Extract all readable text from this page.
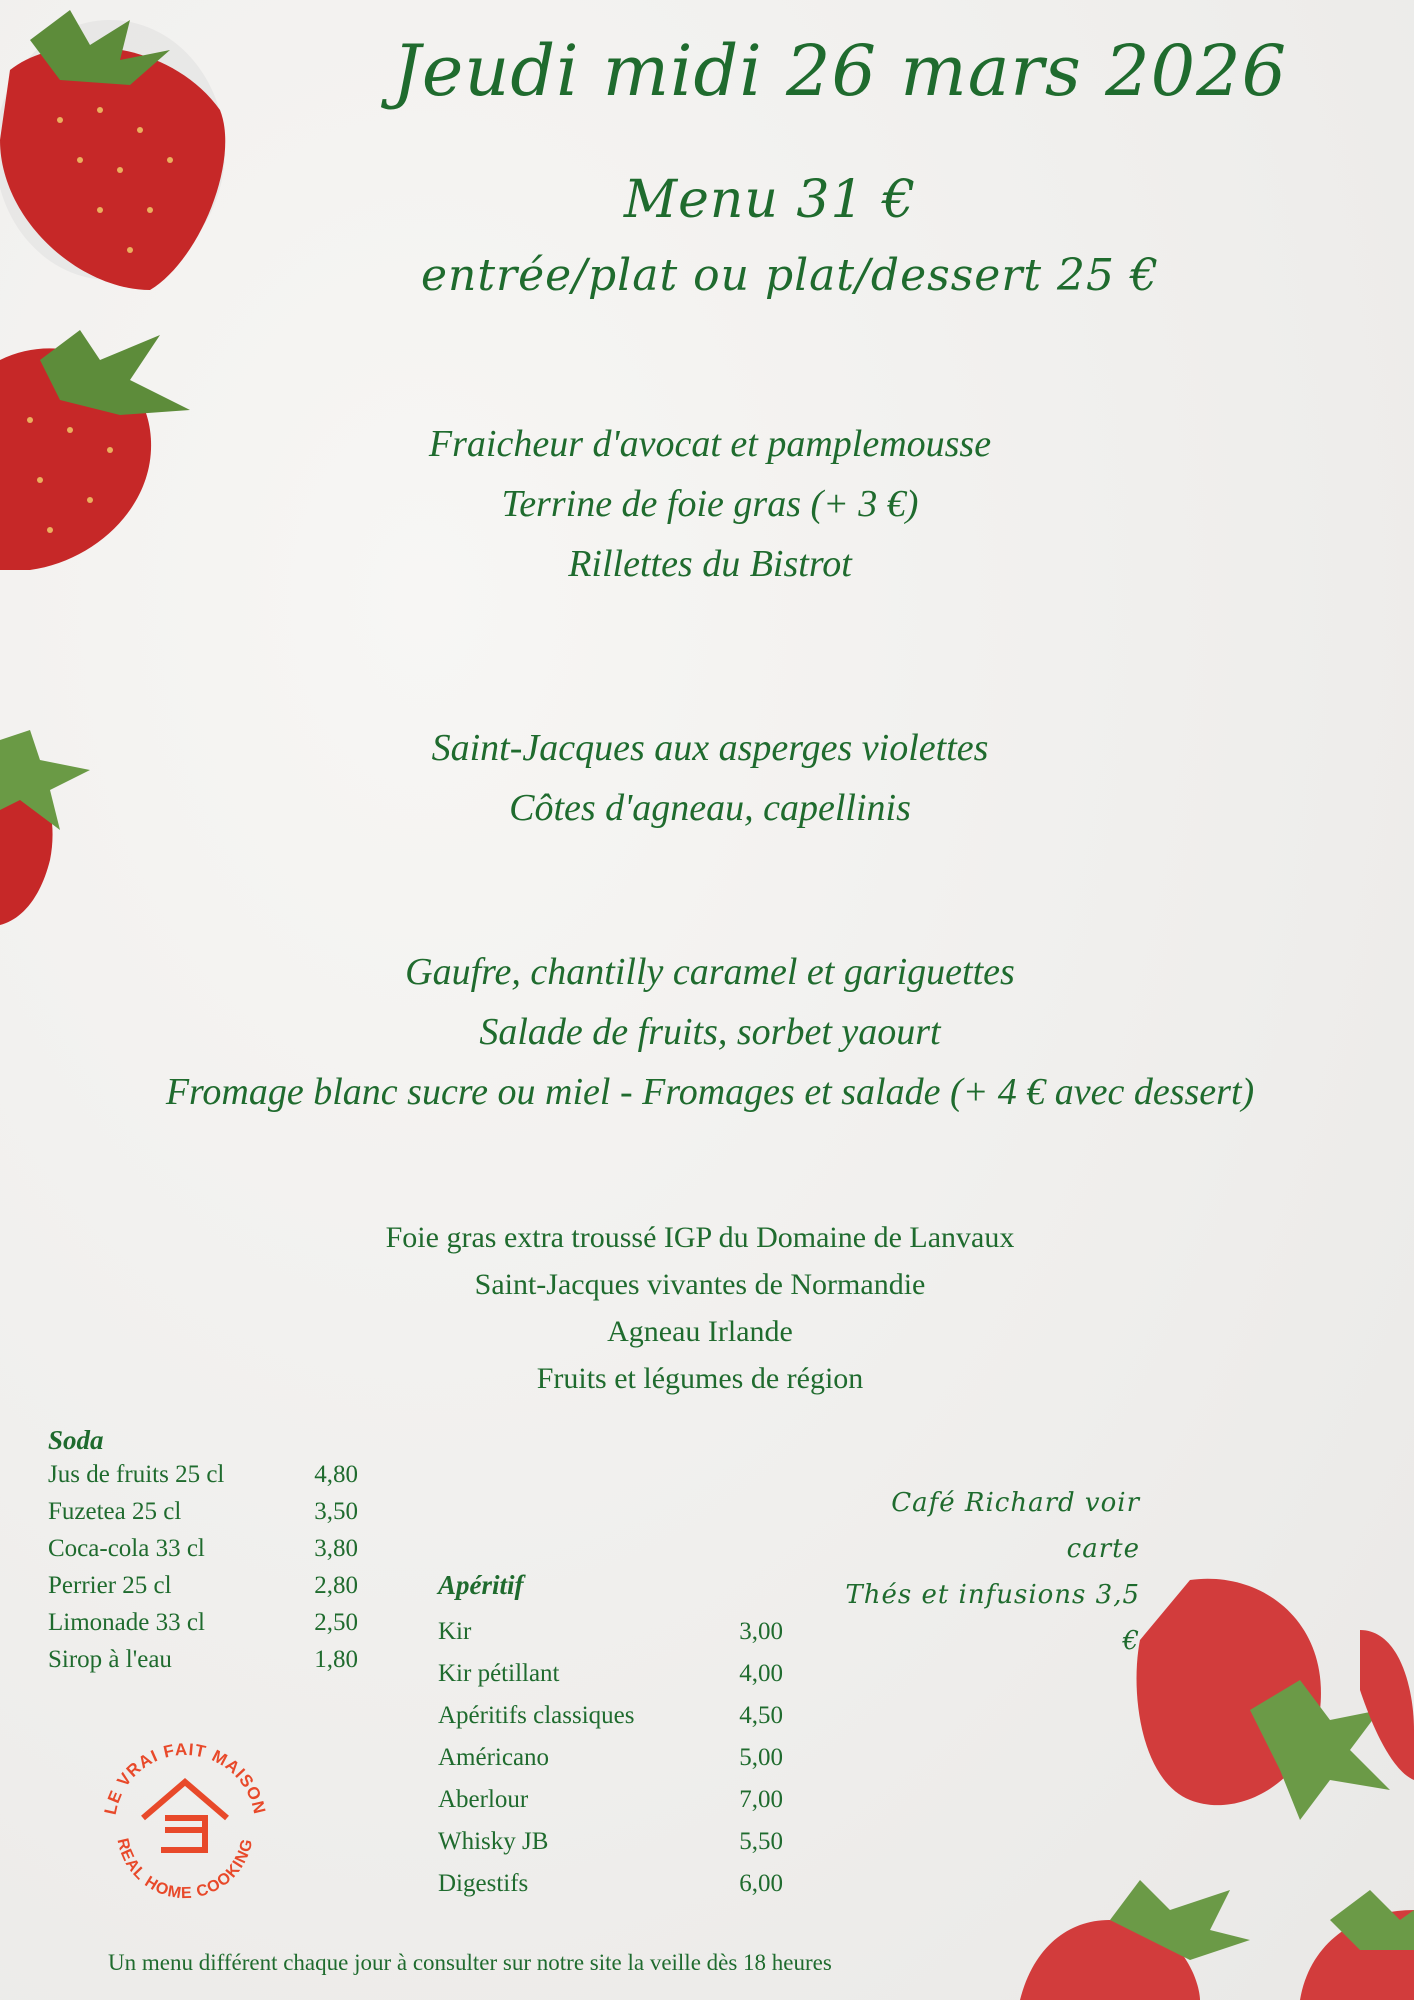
Jeudi midi 26 mars 2026
Menu 31 €
entrée/plat ou plat/dessert 25 €
Fraicheur d'avocat et pamplemousse
Terrine de foie gras (+ 3 €)
Rillettes du Bistrot
Saint-Jacques aux asperges violettes
Côtes d'agneau, capellinis
Gaufre, chantilly caramel et gariguettes
Salade de fruits, sorbet yaourt
Fromage blanc sucre ou miel - Fromages et salade (+ 4 € avec dessert)
Foie gras extra troussé IGP du Domaine de Lanvaux
Saint-Jacques vivantes de Normandie
Agneau Irlande
Fruits et légumes de région
Soda
Jus de fruits 25 cl	4,80
Fuzetea 25 cl	3,50
Coca-cola 33 cl	3,80
Perrier 25 cl	2,80
Limonade 33 cl	2,50
Sirop à l'eau	1,80
Apéritif
Kir	3,00
Kir pétillant	4,00
Apéritifs classiques	4,50
Américano	5,00
Aberlour	7,00
Whisky JB	5,50
Digestifs	6,00
Café Richard voir carte
Thés et infusions 3,5 €
LE VRAI FAIT MAISON
REAL HOME COOKING
Un menu différent chaque jour à consulter sur notre site la veille dès 18 heures
